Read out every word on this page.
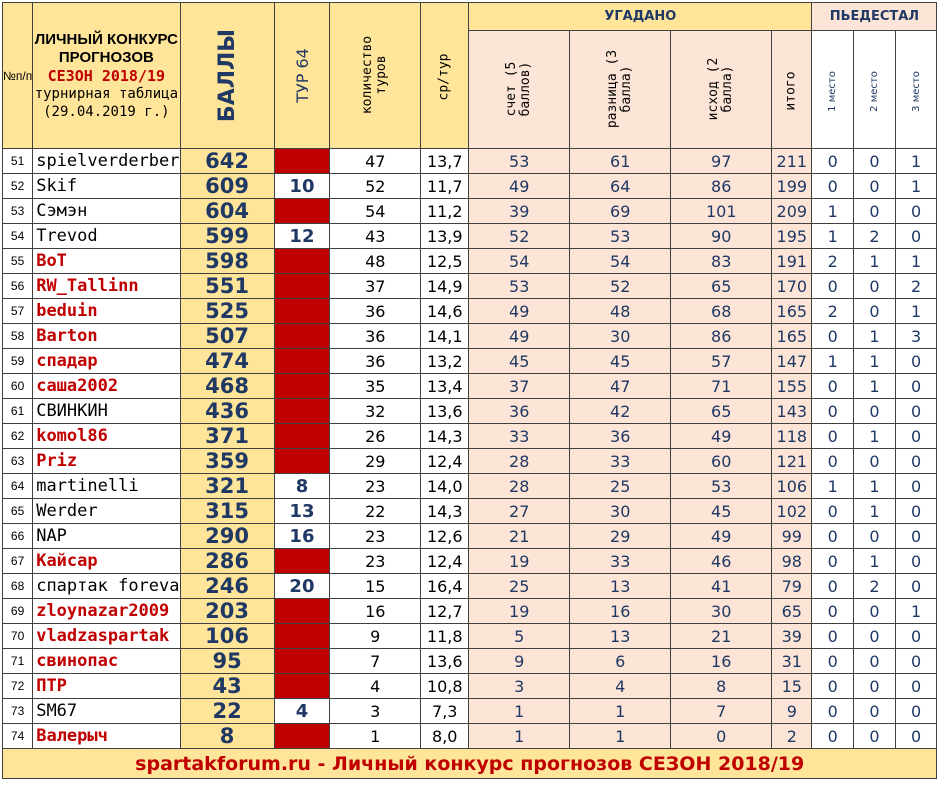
№п/п	ЛИЧНЫЙ КОНКУРС
ПРОГНОЗОВ
СЕЗОН 2018/19
турнирная таблица
(29.04.2019 г.)	БАЛЛЫ	ТУР 64	количество туров	ср/тур	УГАДАНО				ПЬЕДЕСТАЛ		
						счет (5 баллов)	разница (3 балла)	исход (2 балла)	итого	1 место	2 место	3 место
51	spielverderber	642		47	13,7	53	61	97	211	0	0	1
52	Skif	609	10	52	11,7	49	64	86	199	0	0	1
53	Сэмэн	604		54	11,2	39	69	101	209	1	0	0
54	Trevod	599	12	43	13,9	52	53	90	195	1	2	0
55	BoT	598		48	12,5	54	54	83	191	2	1	1
56	RW_Tallinn	551		37	14,9	53	52	65	170	0	0	2
57	beduin	525		36	14,6	49	48	68	165	2	0	1
58	Barton	507		36	14,1	49	30	86	165	0	1	3
59	спадар	474		36	13,2	45	45	57	147	1	1	0
60	саша2002	468		35	13,4	37	47	71	155	0	1	0
61	СВИНКИН	436		32	13,6	36	42	65	143	0	0	0
62	komol86	371		26	14,3	33	36	49	118	0	1	0
63	Priz	359		29	12,4	28	33	60	121	0	0	0
64	martinelli	321	8	23	14,0	28	25	53	106	1	1	0
65	Werder	315	13	22	14,3	27	30	45	102	0	1	0
66	NAP	290	16	23	12,6	21	29	49	99	0	0	0
67	Кайсар	286		23	12,4	19	33	46	98	0	1	0
68	спартак foreva	246	20	15	16,4	25	13	41	79	0	2	0
69	zloynazar2009	203		16	12,7	19	16	30	65	0	0	1
70	vladzaspartak	106		9	11,8	5	13	21	39	0	0	0
71	свинопас	95		7	13,6	9	6	16	31	0	0	0
72	ПТР	43		4	10,8	3	4	8	15	0	0	0
73	SM67	22	4	3	7,3	1	1	7	9	0	0	0
74	Валерыч	8		1	8,0	1	1	0	2	0	0	0
spartakforum.ru - Личный конкурс прогнозов СЕЗОН 2018/19												
